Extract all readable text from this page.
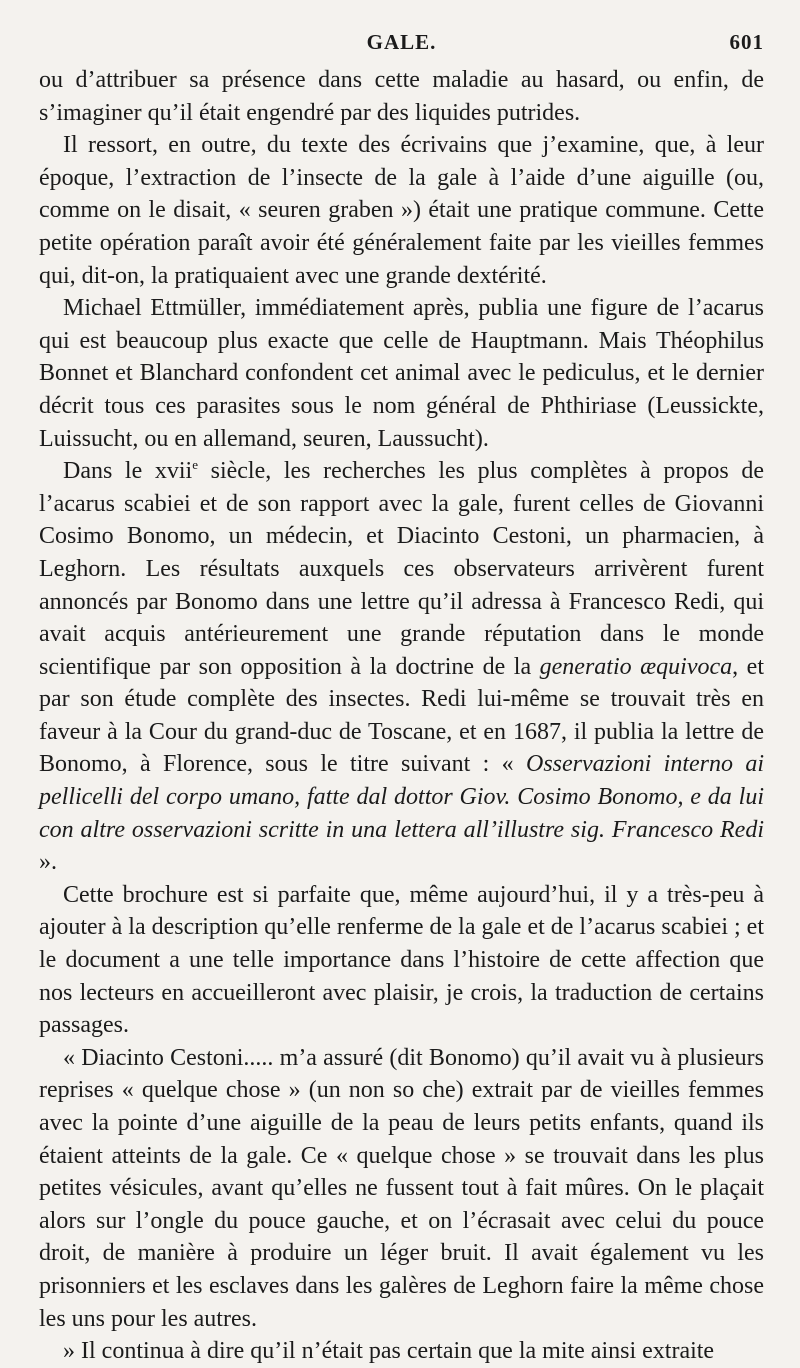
GALE.	601

ou d’attribuer sa présence dans cette maladie au hasard, ou enfin, de s’imaginer qu’il était engendré par des liquides putrides.

Il ressort, en outre, du texte des écrivains que j’examine, que, à leur époque, l’extraction de l’insecte de la gale à l’aide d’une aiguille (ou, comme on le disait, « seuren graben ») était une pratique commune. Cette petite opération paraît avoir été généralement faite par les vieilles femmes qui, dit-on, la pratiquaient avec une grande dextérité.

Michael Ettmüller, immédiatement après, publia une figure de l’acarus qui est beaucoup plus exacte que celle de Hauptmann. Mais Théophilus Bonnet et Blanchard confondent cet animal avec le pediculus, et le dernier décrit tous ces parasites sous le nom général de Phthiriase (Leussickte, Luissucht, ou en allemand, seuren, Laussucht).

Dans le xvii$^e$ siècle, les recherches les plus complètes à propos de l’acarus scabiei et de son rapport avec la gale, furent celles de Giovanni Cosimo Bonomo, un médecin, et Diacinto Cestoni, un pharmacien, à Leghorn. Les résultats auxquels ces observateurs arrivèrent furent annoncés par Bonomo dans une lettre qu’il adressa à Francesco Redi, qui avait acquis antérieurement une grande réputation dans le monde scientifique par son opposition à la doctrine de la generatio æquivoca, et par son étude complète des insectes. Redi lui-même se trouvait très en faveur à la Cour du grand-duc de Toscane, et en 1687, il publia la lettre de Bonomo, à Florence, sous le titre suivant : « Osservazioni interno ai pellicelli del corpo umano, fatte dal dottor Giov. Cosimo Bonomo, e da lui con altre osservazioni scritte in una lettera all’illustre sig. Francesco Redi ».

Cette brochure est si parfaite que, même aujourd’hui, il y a très-peu à ajouter à la description qu’elle renferme de la gale et de l’acarus scabiei ; et le document a une telle importance dans l’histoire de cette affection que nos lecteurs en accueilleront avec plaisir, je crois, la traduction de certains passages.

« Diacinto Cestoni..... m’a assuré (dit Bonomo) qu’il avait vu à plusieurs reprises « quelque chose » (un non so che) extrait par de vieilles femmes avec la pointe d’une aiguille de la peau de leurs petits enfants, quand ils étaient atteints de la gale. Ce « quelque chose » se trouvait dans les plus petites vésicules, avant qu’elles ne fussent tout à fait mûres. On le plaçait alors sur l’ongle du pouce gauche, et on l’écrasait avec celui du pouce droit, de manière à produire un léger bruit. Il avait également vu les prisonniers et les esclaves dans les galères de Leghorn faire la même chose les uns pour les autres.

» Il continua à dire qu’il n’était pas certain que la mite ainsi extraite
